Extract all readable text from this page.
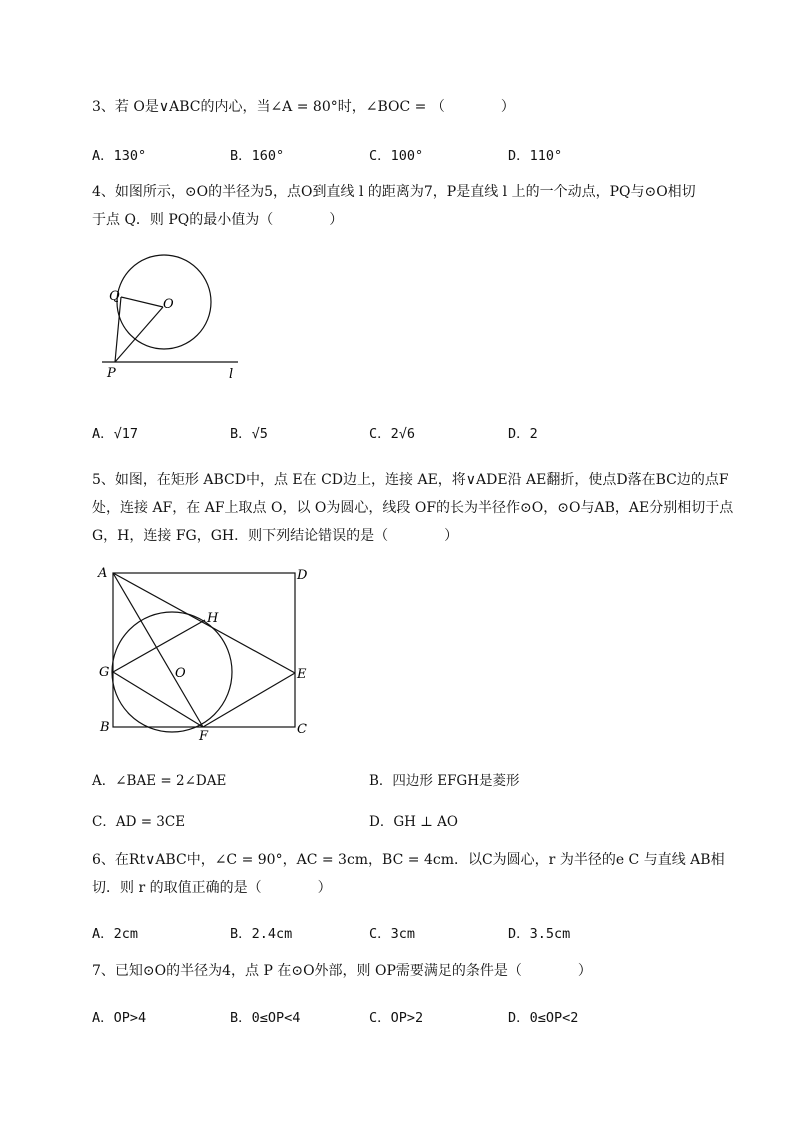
3、若 O是∨ABC的内心，当∠A = 80°时，∠BOC = （　　　　）
A．130°	B．160°	C．100°	D．110°
4、如图所示，⊙O的半径为5，点O到直线 l 的距离为7，P是直线 l 上的一个动点，PQ与⊙O相切
于点 Q．则 PQ的最小值为（　　　　）
Q
O
P	l
A	D
H
G	O	E
B
F	C
A．√17	B．√5	C．2√6	D．2
5、如图，在矩形 ABCD中，点 E在 CD边上，连接 AE，将∨ADE沿 AE翻折，使点D落在BC边的点F
处，连接 AF，在 AF上取点 O，以 O为圆心，线段 OF的长为半径作⊙O，⊙O与AB，AE分别相切于点
G，H，连接 FG，GH．则下列结论错误的是（　　　　）
A．∠BAE = 2∠DAE	B．四边形 EFGH是菱形
C．AD = 3CE	D．GH ⊥ AO
6、在Rt∨ABC中，∠C = 90°，AC = 3cm，BC = 4cm．以C为圆心，r 为半径的e C 与直线 AB相
切．则 r 的取值正确的是（　　　　）
A．2cm	B．2.4cm	C．3cm	D．3.5cm
7、已知⊙O的半径为4，点 P 在⊙O外部，则 OP需要满足的条件是（　　　　）
A．OP>4	B．0≤OP<4	C．OP>2	D．0≤OP<2
